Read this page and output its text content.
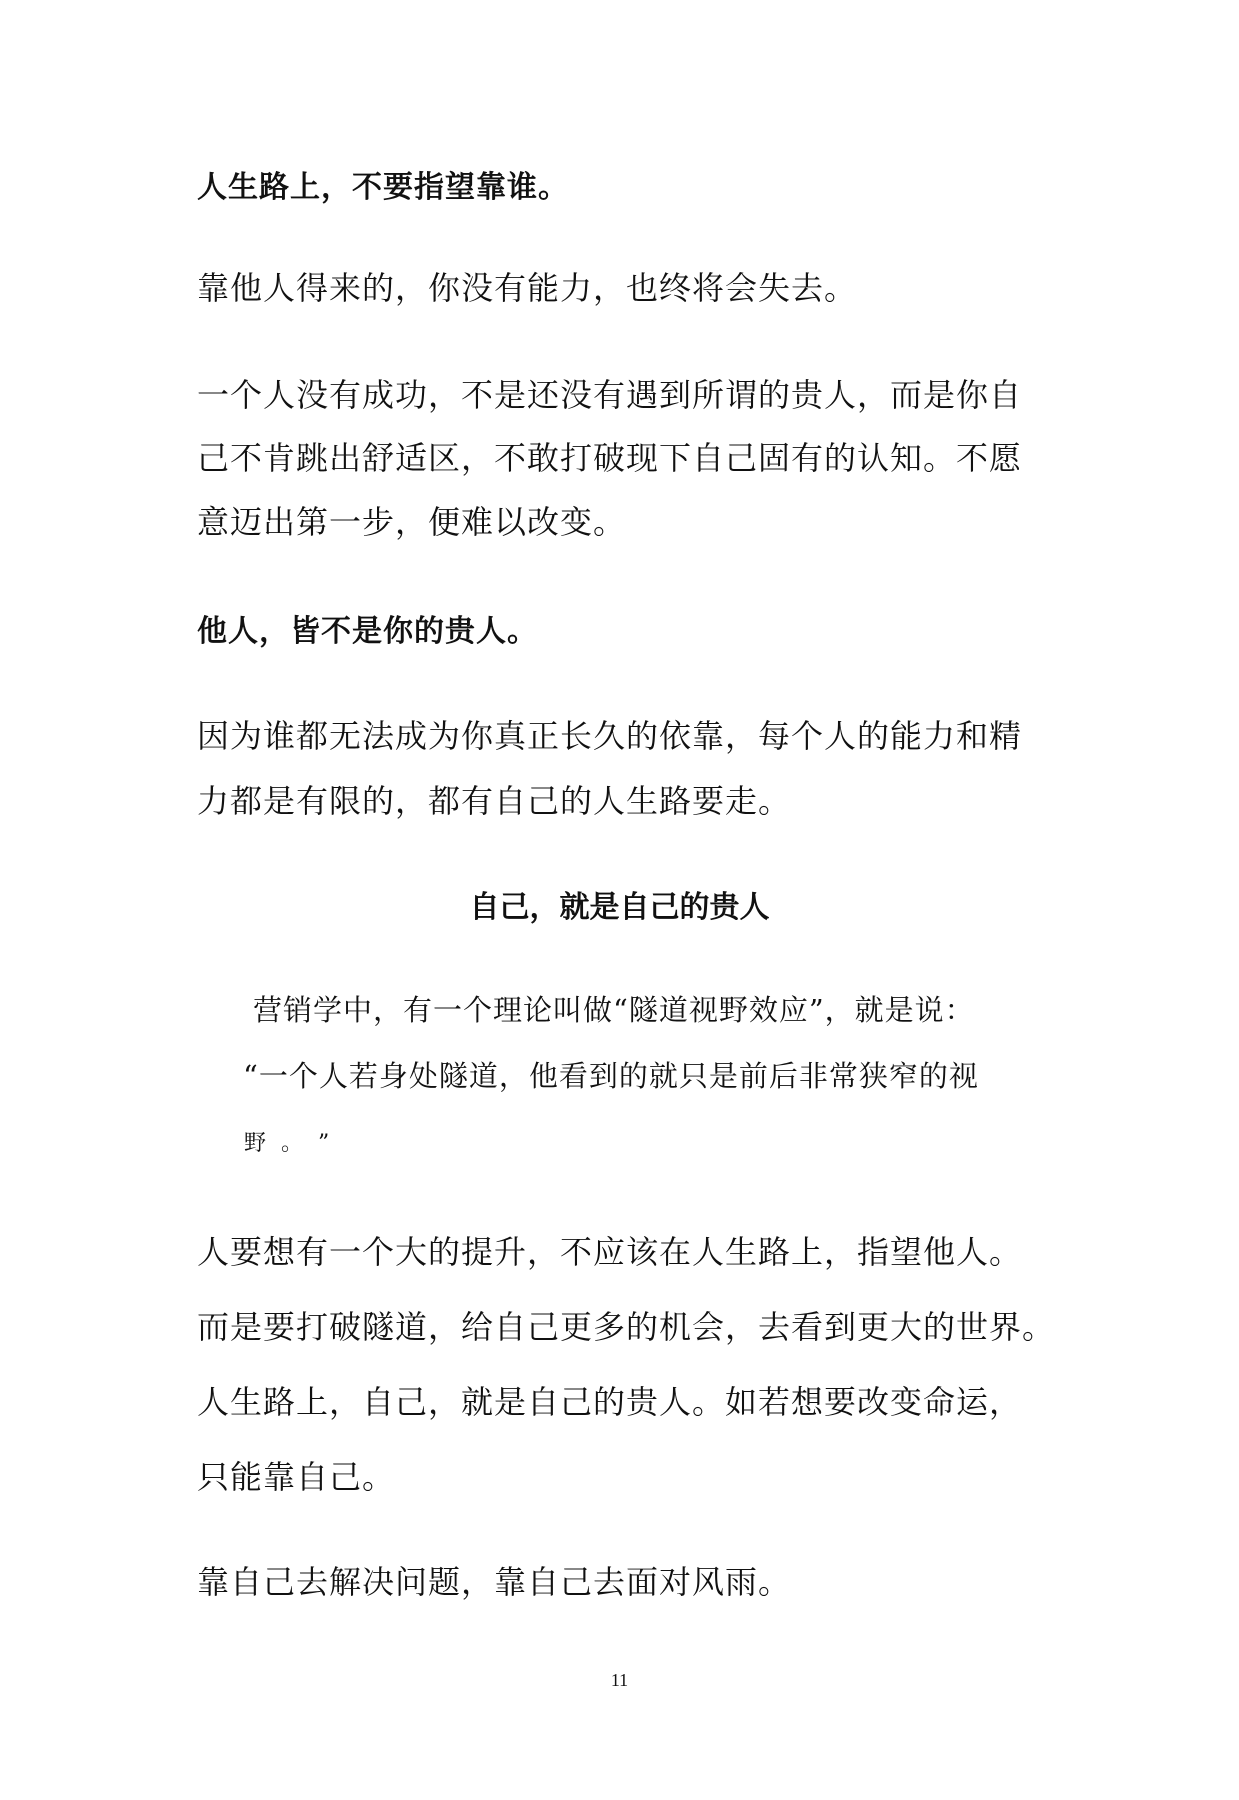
人生路上，不要指望靠谁。
靠他人得来的，你没有能力，也终将会失去。
一个人没有成功，不是还没有遇到所谓的贵人，而是你自
己不肯跳出舒适区，不敢打破现下自己固有的认知。不愿
意迈出第一步，便难以改变。
他人，皆不是你的贵人。
因为谁都无法成为你真正长久的依靠，每个人的能力和精
力都是有限的，都有自己的人生路要走。
自己，就是自己的贵人
营销学中，有一个理论叫做“隧道视野效应”，就是说：
“一个人若身处隧道，他看到的就只是前后非常狭窄的视
野 。 ”
人要想有一个大的提升，不应该在人生路上，指望他人。
而是要打破隧道，给自己更多的机会，去看到更大的世界。
人生路上，自己，就是自己的贵人。如若想要改变命运，
只能靠自己。
靠自己去解决问题，靠自己去面对风雨。
11
